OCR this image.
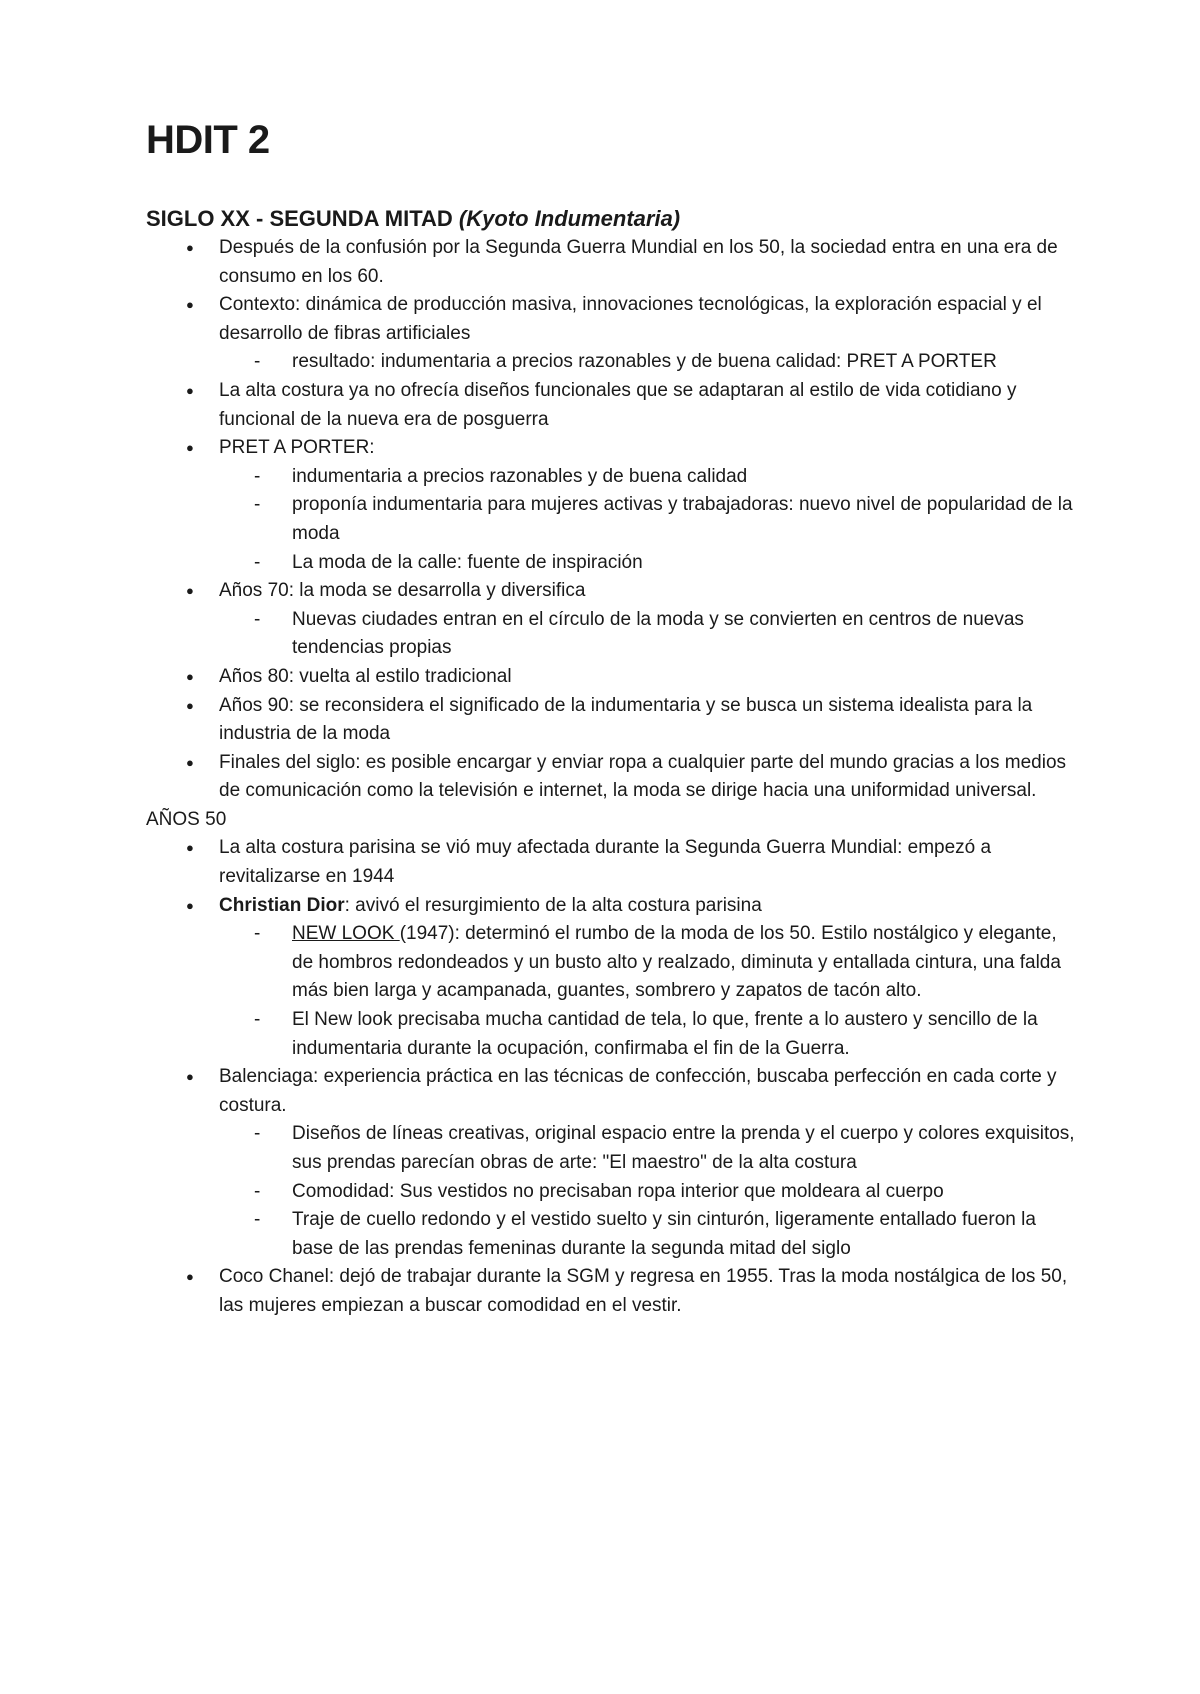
HDIT 2
SIGLO XX - SEGUNDA MITAD (Kyoto Indumentaria)
● Después de la confusión por la Segunda Guerra Mundial en los 50, la sociedad entra en una era de consumo en los 60.
● Contexto: dinámica de producción masiva, innovaciones tecnológicas, la exploración espacial y el desarrollo de fibras artificiales
- resultado: indumentaria a precios razonables y de buena calidad: PRET A PORTER
● La alta costura ya no ofrecía diseños funcionales que se adaptaran al estilo de vida cotidiano y funcional de la nueva era de posguerra
● PRET A PORTER:
- indumentaria a precios razonables y de buena calidad
- proponía indumentaria para mujeres activas y trabajadoras: nuevo nivel de popularidad de la moda
- La moda de la calle: fuente de inspiración
● Años 70: la moda se desarrolla y diversifica
- Nuevas ciudades entran en el círculo de la moda y se convierten en centros de nuevas tendencias propias
● Años 80: vuelta al estilo tradicional
● Años 90: se reconsidera el significado de la indumentaria y se busca un sistema idealista para la industria de la moda
● Finales del siglo: es posible encargar y enviar ropa a cualquier parte del mundo gracias a los medios de comunicación como la televisión e internet, la moda se dirige hacia una uniformidad universal.

AÑOS 50

● La alta costura parisina se vió muy afectada durante la Segunda Guerra Mundial: empezó a revitalizarse en 1944
● Christian Dior: avivó el resurgimiento de la alta costura parisina
- NEW LOOK (1947): determinó el rumbo de la moda de los 50. Estilo nostálgico y elegante, de hombros redondeados y un busto alto y realzado, diminuta y entallada cintura, una falda más bien larga y acampanada, guantes, sombrero y zapatos de tacón alto.
- El New look precisaba mucha cantidad de tela, lo que, frente a lo austero y sencillo de la indumentaria durante la ocupación, confirmaba el fin de la Guerra.
● Balenciaga: experiencia práctica en las técnicas de confección, buscaba perfección en cada corte y costura.
- Diseños de líneas creativas, original espacio entre la prenda y el cuerpo y colores exquisitos, sus prendas parecían obras de arte: "El maestro" de la alta costura
- Comodidad: Sus vestidos no precisaban ropa interior que moldeara al cuerpo
- Traje de cuello redondo y el vestido suelto y sin cinturón, ligeramente entallado fueron la base de las prendas femeninas durante la segunda mitad del siglo
● Coco Chanel: dejó de trabajar durante la SGM y regresa en 1955. Tras la moda nostálgica de los 50, las mujeres empiezan a buscar comodidad en el vestir.
